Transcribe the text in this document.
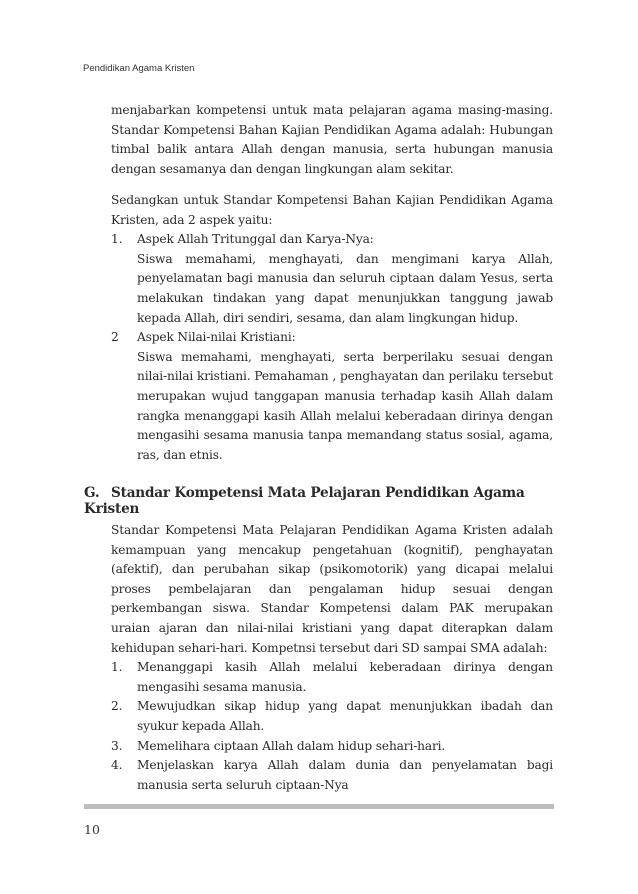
Pendidikan Agama Kristen

menjabarkan kompetensi untuk mata pelajaran agama masing-masing. Standar Kompetensi Bahan Kajian Pendidikan Agama adalah: Hubungan timbal balik antara Allah dengan manusia, serta hubungan manusia dengan sesamanya dan dengan lingkungan alam sekitar.

Sedangkan untuk Standar Kompetensi Bahan Kajian Pendidikan Agama Kristen, ada 2 aspek yaitu:

1. Aspek Allah Tritunggal dan Karya-Nya:
Siswa memahami, menghayati, dan mengimani karya Allah, penyelamatan bagi manusia dan seluruh ciptaan dalam Yesus, serta melakukan tindakan yang dapat menunjukkan tanggung jawab kepada Allah, diri sendiri, sesama, dan alam lingkungan hidup.
2 Aspek Nilai-nilai Kristiani:
Siswa memahami, menghayati, serta berperilaku sesuai dengan nilai-nilai kristiani. Pemahaman , penghayatan dan perilaku tersebut merupakan wujud tanggapan manusia terhadap kasih Allah dalam rangka menanggapi kasih Allah melalui keberadaan dirinya dengan mengasihi sesama manusia tanpa memandang status sosial, agama, ras, dan etnis.
G. Standar Kompetensi Mata Pelajaran Pendidikan Agama Kristen

Standar Kompetensi Mata Pelajaran Pendidikan Agama Kristen adalah kemampuan yang mencakup pengetahuan (kognitif), penghayatan (afektif), dan perubahan sikap (psikomotorik) yang dicapai melalui proses pembelajaran dan pengalaman hidup sesuai dengan perkembangan siswa. Standar Kompetensi dalam PAK merupakan uraian ajaran dan nilai-nilai kristiani yang dapat diterapkan dalam kehidupan sehari-hari. Kompetnsi tersebut dari SD sampai SMA adalah:

1. Menanggapi kasih Allah melalui keberadaan dirinya dengan mengasihi sesama manusia.
2. Mewujudkan sikap hidup yang dapat menunjukkan ibadah dan syukur kepada Allah.
3. Memelihara ciptaan Allah dalam hidup sehari-hari.
4. Menjelaskan karya Allah dalam dunia dan penyelamatan bagi manusia serta seluruh ciptaan-Nya
10
